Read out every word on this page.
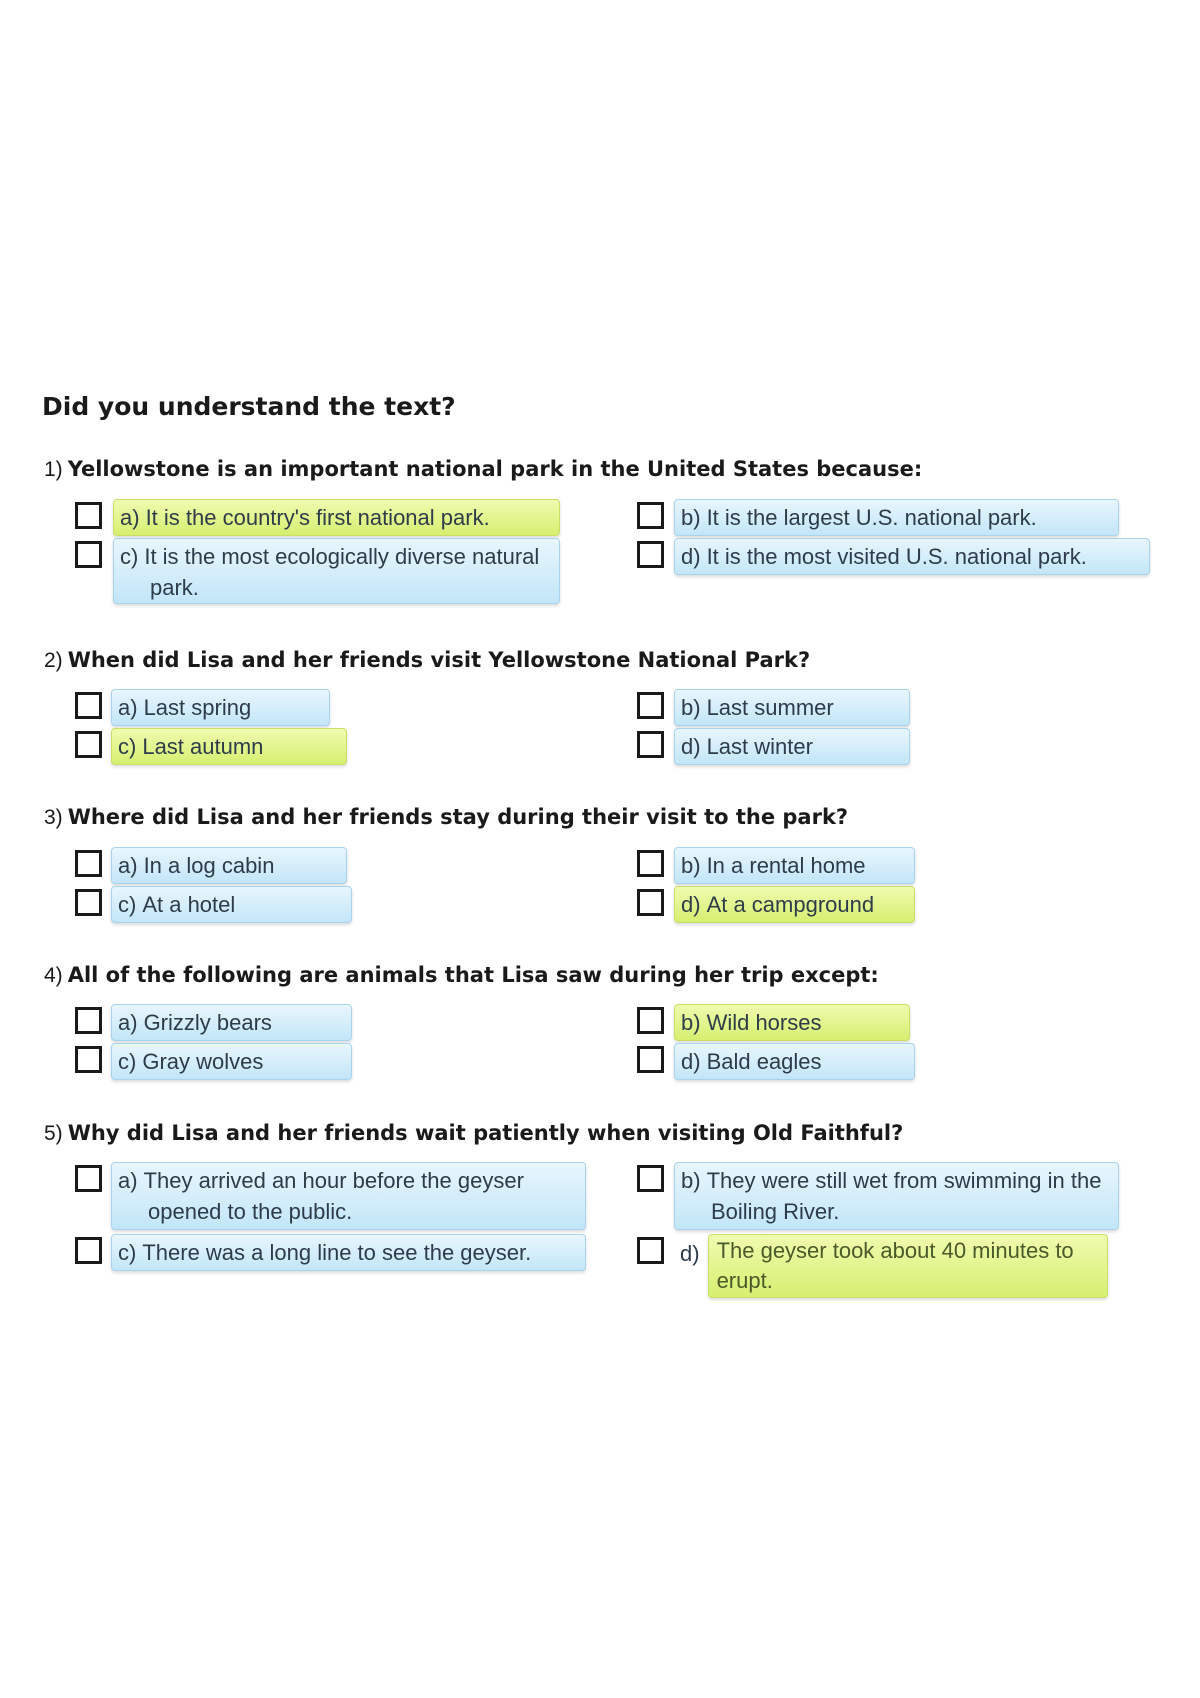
Did you understand the text?
1) Yellowstone is an important national park in the United States because:
a) It is the country's first national park.	b) It is the largest U.S. national park.
c) It is the most ecologically diverse natural park.
d) It is the most visited U.S. national park.
2) When did Lisa and her friends visit Yellowstone National Park?
a) Last spring	b) Last summer
c) Last autumn	d) Last winter
3) Where did Lisa and her friends stay during their visit to the park?
a) In a log cabin	b) In a rental home
c) At a hotel	d) At a campground
4) All of the following are animals that Lisa saw during her trip except:
a) Grizzly bears	b) Wild horses
c) Gray wolves	d) Bald eagles
5) Why did Lisa and her friends wait patiently when visiting Old Faithful?
a) They arrived an hour before the geyser opened to the public.
b) They were still wet from swimming in the Boiling River.
c) There was a long line to see the geyser.	d) The geyser took about 40 minutes to erupt.
